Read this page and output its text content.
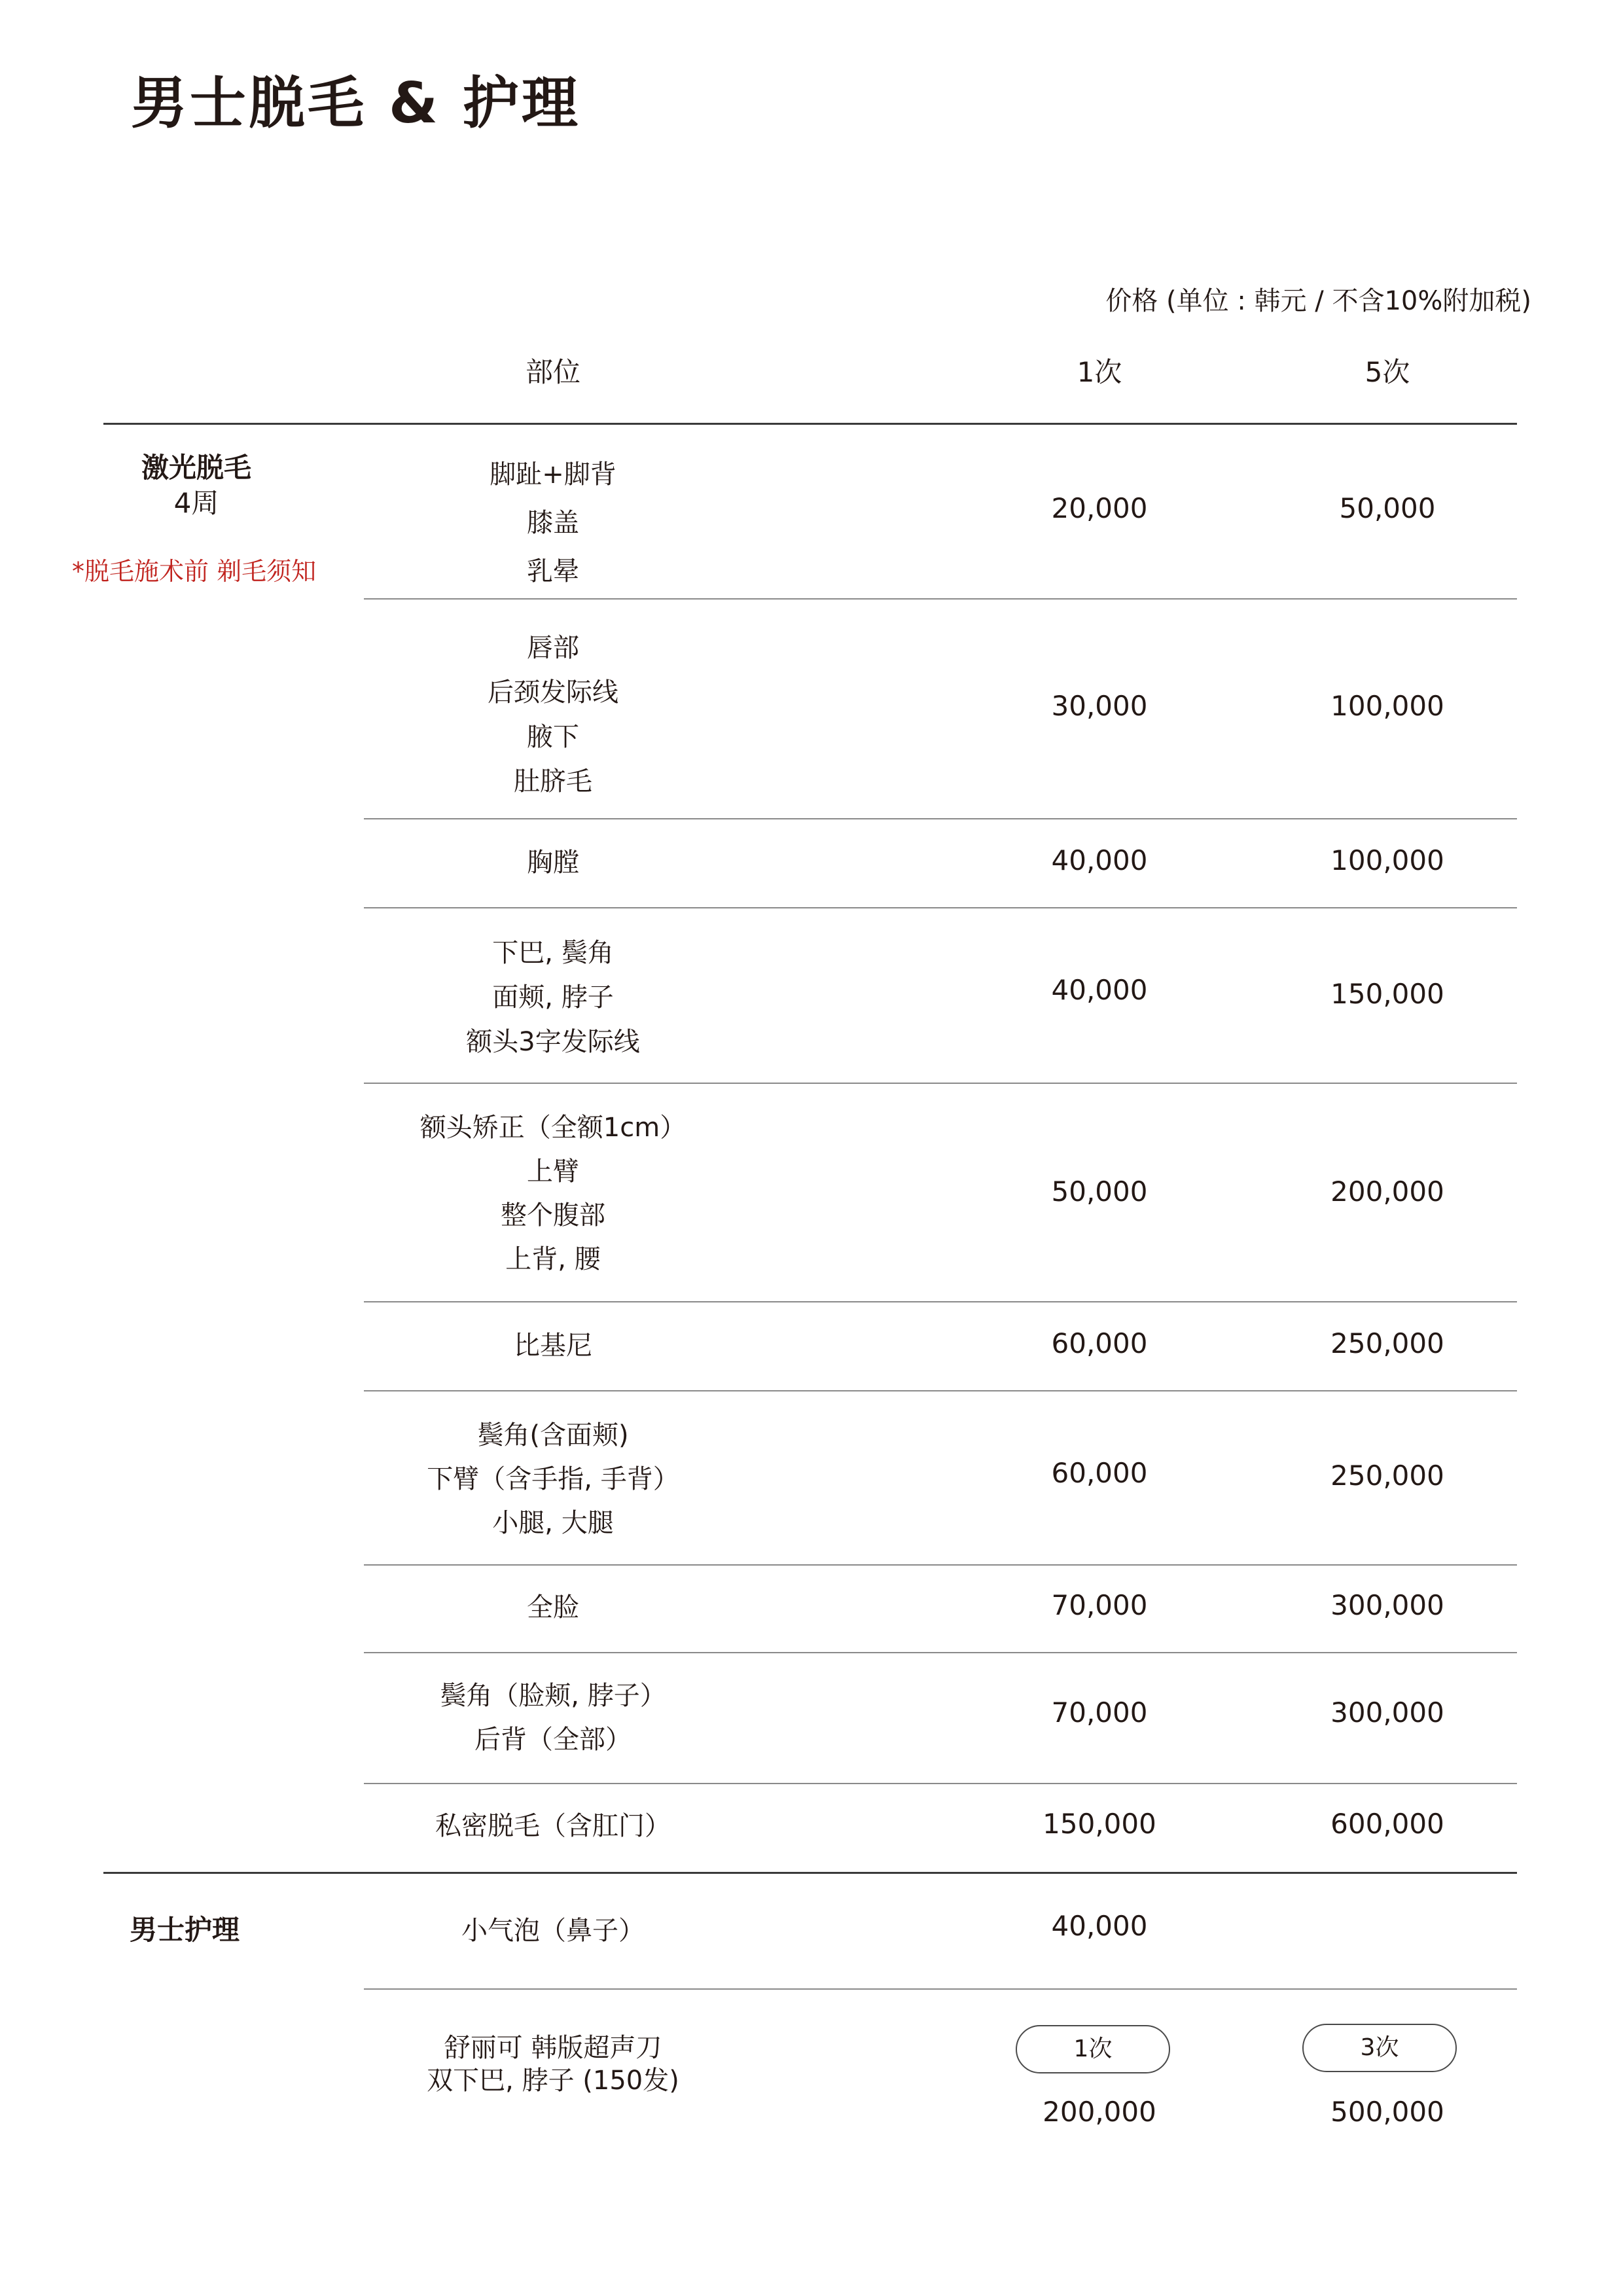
男士脱毛 & 护理
价格 (单位 : 韩元 / 不含10%附加税)
部位	1次	5次
激光脱毛
4周
*脱毛施术前 剃毛须知
脚趾+脚背
膝盖
乳晕
20,000	50,000
唇部
后颈发际线
腋下
肚脐毛
30,000	100,000
胸膛	40,000	100,000
下巴, 鬓角
面颊, 脖子
额头3字发际线
40,000	150,000
额头矫正（全额1cm）
上臂
整个腹部
上背, 腰
50,000	200,000
比基尼	60,000	250,000
鬓角(含面颊)
下臂（含手指, 手背）
小腿, 大腿
60,000	250,000
全脸	70,000	300,000
鬓角（脸颊, 脖子）
后背（全部）
70,000	300,000
私密脱毛（含肛门）	150,000	600,000
男士护理	小气泡（鼻子）	40,000
舒丽可 韩版超声刀
双下巴, 脖子 (150发)
1次	3次
200,000	500,000
